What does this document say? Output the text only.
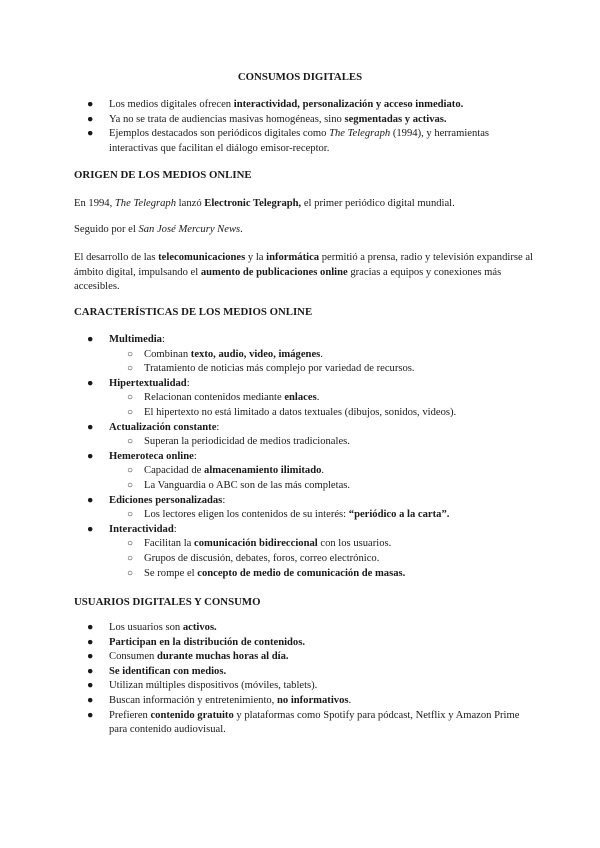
CONSUMOS DIGITALES
● Los medios digitales ofrecen interactividad, personalización y acceso inmediato.
● Ya no se trata de audiencias masivas homogéneas, sino segmentadas y activas.
● Ejemplos destacados son periódicos digitales como The Telegraph (1994), y herramientas interactivas que facilitan el diálogo emisor-receptor.
ORIGEN DE LOS MEDIOS ONLINE
En 1994, The Telegraph lanzó Electronic Telegraph, el primer periódico digital mundial.
Seguido por el San José Mercury News.
El desarrollo de las telecomunicaciones y la informática permitió a prensa, radio y televisión expandirse al ámbito digital, impulsando el aumento de publicaciones online gracias a equipos y conexiones más accesibles.
CARACTERÍSTICAS DE LOS MEDIOS ONLINE
● Multimedia:
○ Combinan texto, audio, video, imágenes.
○ Tratamiento de noticias más complejo por variedad de recursos.
● Hipertextualidad:
○ Relacionan contenidos mediante enlaces.
○ El hipertexto no está limitado a datos textuales (dibujos, sonidos, videos).
● Actualización constante:
○ Superan la periodicidad de medios tradicionales.
● Hemeroteca online:
○ Capacidad de almacenamiento ilimitado.
○ La Vanguardia o ABC son de las más completas.
● Ediciones personalizadas:
○ Los lectores eligen los contenidos de su interés: “periódico a la carta”.
● Interactividad:
○ Facilitan la comunicación bidireccional con los usuarios.
○ Grupos de discusión, debates, foros, correo electrónico.
○ Se rompe el concepto de medio de comunicación de masas.
USUARIOS DIGITALES Y CONSUMO
● Los usuarios son activos.
● Participan en la distribución de contenidos.
● Consumen durante muchas horas al día.
● Se identifican con medios.
● Utilizan múltiples dispositivos (móviles, tablets).
● Buscan información y entretenimiento, no informativos.
● Prefieren contenido gratuito y plataformas como Spotify para pódcast, Netflix y Amazon Prime para contenido audiovisual.
